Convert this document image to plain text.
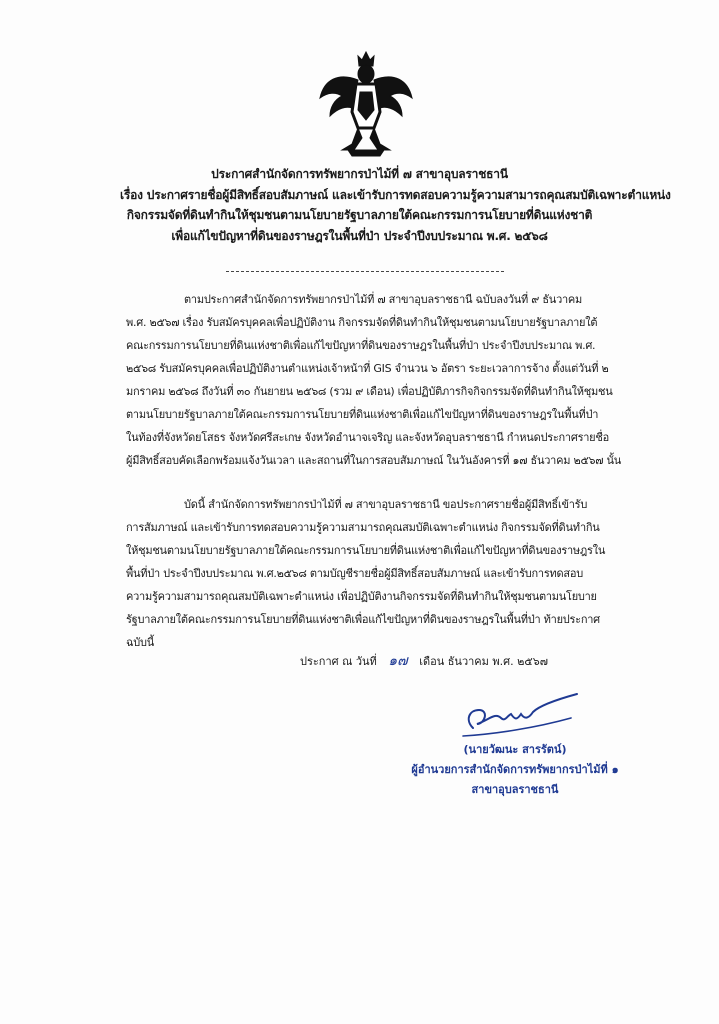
ประกาศสำนักจัดการทรัพยากรป่าไม้ที่ ๗ สาขาอุบลราชธานี
เรื่อง ประกาศรายชื่อผู้มีสิทธิ์สอบสัมภาษณ์ และเข้ารับการทดสอบความรู้ความสามารถคุณสมบัติเฉพาะตำแหน่ง
กิจกรรมจัดที่ดินทำกินให้ชุมชนตามนโยบายรัฐบาลภายใต้คณะกรรมการนโยบายที่ดินแห่งชาติ
เพื่อแก้ไขปัญหาที่ดินของราษฎรในพื้นที่ป่า ประจำปีงบประมาณ พ.ศ. ๒๕๖๘
ตามประกาศสำนักจัดการทรัพยากรป่าไม้ที่ ๗ สาขาอุบลราชธานี ฉบับลงวันที่ ๙ ธันวาคม
พ.ศ. ๒๕๖๗ เรื่อง รับสมัครบุคคลเพื่อปฏิบัติงาน กิจกรรมจัดที่ดินทำกินให้ชุมชนตามนโยบายรัฐบาลภายใต้
คณะกรรมการนโยบายที่ดินแห่งชาติเพื่อแก้ไขปัญหาที่ดินของราษฎรในพื้นที่ป่า ประจำปีงบประมาณ พ.ศ.
๒๕๖๘ รับสมัครบุคคลเพื่อปฏิบัติงานตำแหน่งเจ้าหน้าที่ GIS จำนวน ๖ อัตรา ระยะเวลาการจ้าง ตั้งแต่วันที่ ๒
มกราคม ๒๕๖๘ ถึงวันที่ ๓๐ กันยายน ๒๕๖๘ (รวม ๙ เดือน) เพื่อปฏิบัติภารกิจกิจกรรมจัดที่ดินทำกินให้ชุมชน
ตามนโยบายรัฐบาลภายใต้คณะกรรมการนโยบายที่ดินแห่งชาติเพื่อแก้ไขปัญหาที่ดินของราษฎรในพื้นที่ป่า
ในท้องที่จังหวัดยโสธร จังหวัดศรีสะเกษ จังหวัดอำนาจเจริญ และจังหวัดอุบลราชธานี กำหนดประกาศรายชื่อ
ผู้มีสิทธิ์สอบคัดเลือกพร้อมแจ้งวันเวลา และสถานที่ในการสอบสัมภาษณ์ ในวันอังคารที่ ๑๗ ธันวาคม ๒๕๖๗ นั้น
บัดนี้ สำนักจัดการทรัพยากรป่าไม้ที่ ๗ สาขาอุบลราชธานี ขอประกาศรายชื่อผู้มีสิทธิ์เข้ารับ
การสัมภาษณ์ และเข้ารับการทดสอบความรู้ความสามารถคุณสมบัติเฉพาะตำแหน่ง กิจกรรมจัดที่ดินทำกิน
ให้ชุมชนตามนโยบายรัฐบาลภายใต้คณะกรรมการนโยบายที่ดินแห่งชาติเพื่อแก้ไขปัญหาที่ดินของราษฎรใน
พื้นที่ป่า ประจำปีงบประมาณ พ.ศ.๒๕๖๘ ตามบัญชีรายชื่อผู้มีสิทธิ์สอบสัมภาษณ์ และเข้ารับการทดสอบ
ความรู้ความสามารถคุณสมบัติเฉพาะตำแหน่ง เพื่อปฏิบัติงานกิจกรรมจัดที่ดินทำกินให้ชุมชนตามนโยบาย
รัฐบาลภายใต้คณะกรรมการนโยบายที่ดินแห่งชาติเพื่อแก้ไขปัญหาที่ดินของราษฎรในพื้นที่ป่า ท้ายประกาศ
ฉบับนี้
ประกาศ ณ วันที่ ๑๗ เดือน ธันวาคม พ.ศ. ๒๕๖๗
(นายวัฒนะ สารรัตน์)
ผู้อำนวยการสำนักจัดการทรัพยากรป่าไม้ที่ ๑
สาขาอุบลราชธานี
